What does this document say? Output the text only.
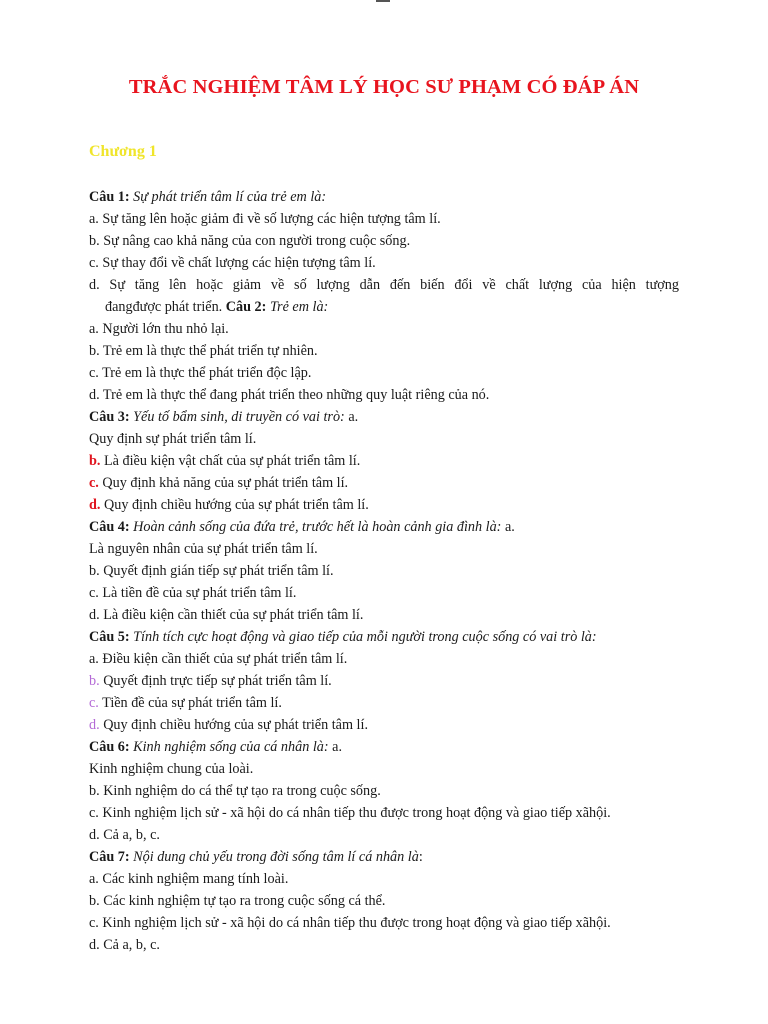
TRẮC NGHIỆM TÂM LÝ HỌC SƯ PHẠM CÓ ĐÁP ÁN
Chương 1
Câu 1: Sự phát triển tâm lí của trẻ em là:
a. Sự tăng lên hoặc giảm đi về số lượng các hiện tượng tâm lí.
b. Sự nâng cao khả năng của con người trong cuộc sống.
c. Sự thay đổi về chất lượng các hiện tượng tâm lí.
d. Sự tăng lên hoặc giảm về số lượng dẫn đến biến đổi về chất lượng của hiện tượng
đangđược phát triển. Câu 2: Trẻ em là:
a. Người lớn thu nhỏ lại.
b. Trẻ em là thực thể phát triển tự nhiên.
c. Trẻ em là thực thể phát triển độc lập.
d. Trẻ em là thực thể đang phát triển theo những quy luật riêng của nó.
Câu 3: Yếu tố bẩm sinh, di truyền có vai trò: a.
Quy định sự phát triển tâm lí.
b. Là điều kiện vật chất của sự phát triển tâm lí.
c. Quy định khả năng của sự phát triển tâm lí.
d. Quy định chiều hướng của sự phát triển tâm lí.
Câu 4: Hoàn cảnh sống của đứa trẻ, trước hết là hoàn cảnh gia đình là: a.
Là nguyên nhân của sự phát triển tâm lí.
b. Quyết định gián tiếp sự phát triển tâm lí.
c. Là tiền đề của sự phát triển tâm lí.
d. Là điều kiện cần thiết của sự phát triển tâm lí.
Câu 5: Tính tích cực hoạt động và giao tiếp của mỗi người trong cuộc sống có vai trò là:
a. Điều kiện cần thiết của sự phát triển tâm lí.
b. Quyết định trực tiếp sự phát triển tâm lí.
c. Tiền đề của sự phát triển tâm lí.
d. Quy định chiều hướng của sự phát triển tâm lí.
Câu 6: Kinh nghiệm sống của cá nhân là: a.
Kinh nghiệm chung của loài.
b. Kinh nghiệm do cá thể tự tạo ra trong cuộc sống.
c. Kinh nghiệm lịch sử - xã hội do cá nhân tiếp thu được trong hoạt động và giao tiếp xãhội.
d. Cả a, b, c.
Câu 7: Nội dung chủ yếu trong đời sống tâm lí cá nhân là:
a. Các kinh nghiệm mang tính loài.
b. Các kinh nghiệm tự tạo ra trong cuộc sống cá thể.
c. Kinh nghiệm lịch sử - xã hội do cá nhân tiếp thu được trong hoạt động và giao tiếp xãhội.
d. Cả a, b, c.
